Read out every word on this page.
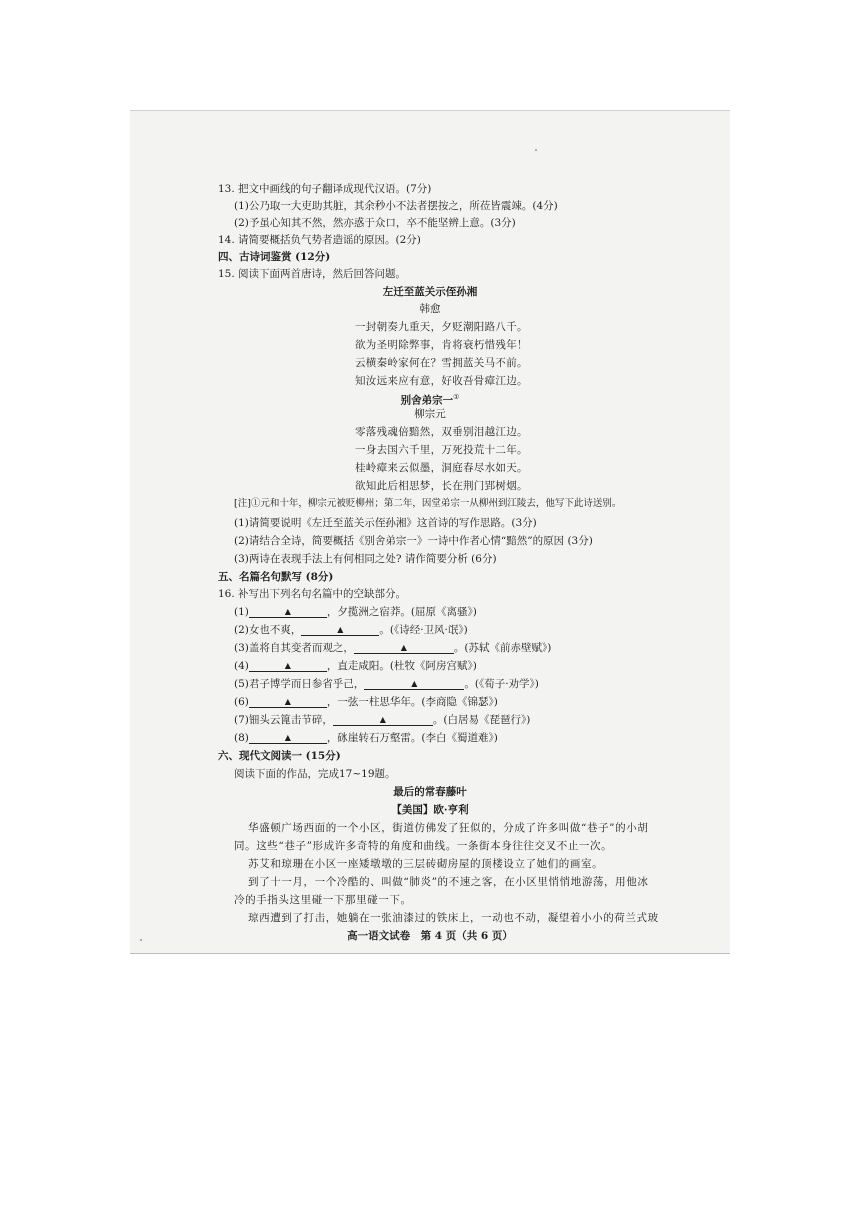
13. 把文中画线的句子翻译成现代汉语。(7分)
(1)公乃取一大吏助其脏，其余秒小不法者摆按之，所莅皆震竦。(4分)
(2)予虽心知其不然，然亦惑于众口，卒不能坚辨上意。(3分)
14. 请简要概括负气势者造谣的原因。(2分)
四、古诗词鉴赏 (12分)
15. 阅读下面两首唐诗，然后回答问题。
左迁至蓝关示侄孙湘
韩愈
一封朝奏九重天，夕贬潮阳路八千。
欲为圣明除弊事，肯将衰朽惜残年！
云横秦岭家何在？雪拥蓝关马不前。
知汝远来应有意，好收吾骨瘴江边。
别舍弟宗一①
柳宗元
零落残魂倍黯然，双垂别泪越江边。
一身去国六千里，万死投荒十二年。
桂岭瘴来云似墨，洞庭春尽水如天。
欲知此后相思梦，长在荆门郢树烟。
[注]①元和十年，柳宗元被贬柳州；第二年，因堂弟宗一从柳州到江陵去，他写下此诗送别。
(1)请简要说明《左迁至蓝关示侄孙湘》这首诗的写作思路。(3分)
(2)请结合全诗，简要概括《别舍弟宗一》一诗中作者心情“黯然”的原因 (3分)
(3)两诗在表现手法上有何相同之处? 请作简要分析 (6分)
五、名篇名句默写 (8分)
16. 补写出下列名句名篇中的空缺部分。
(1)	▲	，夕揽洲之宿莽。(屈原《离骚》)
(2)女也不爽，	▲	。(《诗经·卫风·氓》)
(3)盖将自其变者而观之，	▲	。(苏轼《前赤壁赋》)
(4)	▲	，直走咸阳。(杜牧《阿房宫赋》)
(5)君子博学而日参省乎己，	▲	。(《荀子·劝学》)
(6)	▲	，一弦一柱思华年。(李商隐《锦瑟》)
(7)钿头云篦击节碎，	▲	。(白居易《琵琶行》)
(8)	▲	，砯崖转石万壑雷。(李白《蜀道难》)
六、现代文阅读一 (15分)
阅读下面的作品，完成17~19题。
最后的常春藤叶
【美国】欧·亨利
华盛顿广场西面的一个小区，街道仿佛发了狂似的，分成了许多叫做“巷子”的小胡
同。这些“巷子”形成许多奇特的角度和曲线。一条街本身往往交叉不止一次。
苏艾和琼珊在小区一座矮墩墩的三层砖砌房屋的顶楼设立了她们的画室。
到了十一月，一个冷酷的、叫做“肺炎”的不速之客，在小区里悄悄地游荡，用他冰
冷的手指头这里碰一下那里碰一下。
琼西遭到了打击，她躺在一张油漆过的铁床上，一动也不动，凝望着小小的荷兰式玻
高一语文试卷　第 4 页（共 6 页）
